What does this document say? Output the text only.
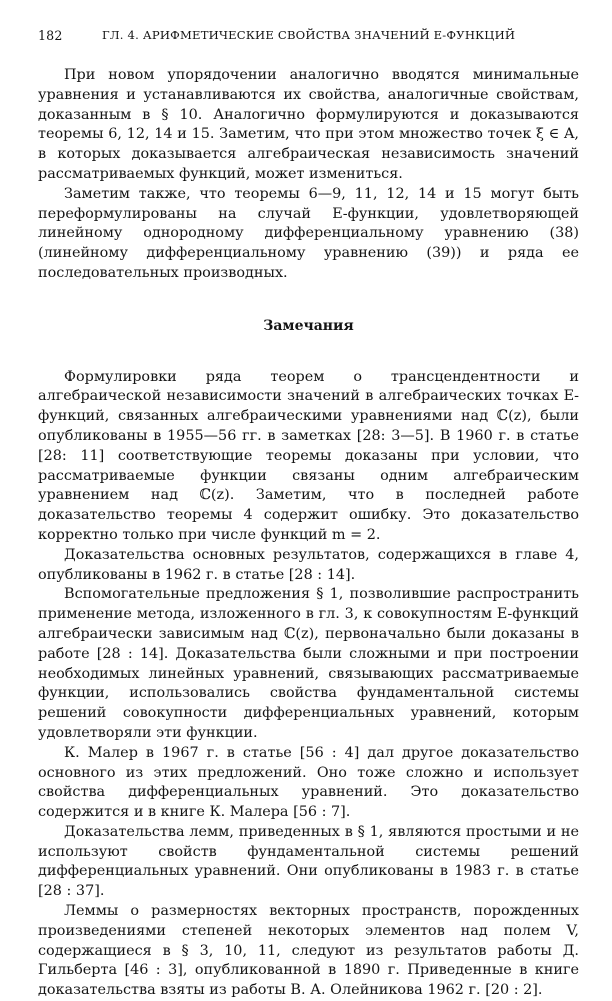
182	ГЛ. 4. АРИФМЕТИЧЕСКИЕ СВОЙСТВА ЗНАЧЕНИЙ Е-ФУНКЦИЙ

При новом упорядочении аналогично вводятся минимальные уравнения и устанавливаются их свойства, аналогичные свойствам, доказанным в § 10. Аналогично формулируются и доказываются теоремы 6, 12, 14 и 15. Заметим, что при этом множество точек ξ ∈ A, в которых доказывается алгебраическая независимость значений рассматриваемых функций, может измениться.

Заметим также, что теоремы 6—9, 11, 12, 14 и 15 могут быть переформулированы на случай Е-функции, удовлетворяющей линейному однородному дифференциальному уравнению (38) (линейному дифференциальному уравнению (39)) и ряда ее последовательных производных.

Замечания

Формулировки ряда теорем о трансцендентности и алгебраической независимости значений в алгебраических точках Е-функций, связанных алгебраическими уравнениями над ℂ(z), были опубликованы в 1955—56 гг. в заметках [28: 3—5]. В 1960 г. в статье [28: 11] соответствующие теоремы доказаны при условии, что рассматриваемые функции связаны одним алгебраическим уравнением над ℂ(z). Заметим, что в последней работе доказательство теоремы 4 содержит ошибку. Это доказательство корректно только при числе функций m = 2.

Доказательства основных результатов, содержащихся в главе 4, опубликованы в 1962 г. в статье [28 : 14].

Вспомогательные предложения § 1, позволившие распространить применение метода, изложенного в гл. 3, к совокупностям Е-функций алгебраически зависимым над ℂ(z), первоначально были доказаны в работе [28 : 14]. Доказательства были сложными и при построении необходимых линейных уравнений, связывающих рассматриваемые функции, использовались свойства фундаментальной системы решений совокупности дифференциальных уравнений, которым удовлетворяли эти функции.

К. Малер в 1967 г. в статье [56 : 4] дал другое доказательство основного из этих предложений. Оно тоже сложно и использует свойства дифференциальных уравнений. Это доказательство содержится и в книге К. Малера [56 : 7].

Доказательства лемм, приведенных в § 1, являются простыми и не используют свойств фундаментальной системы решений дифференциальных уравнений. Они опубликованы в 1983 г. в статье [28 : 37].

Леммы о размерностях векторных пространств, порожденных произведениями степеней некоторых элементов над полем V, содержащиеся в § 3, 10, 11, следуют из результатов работы Д. Гильберта [46 : 3], опубликованной в 1890 г. Приведенные в книге доказательства взяты из работы В. А. Олейникова 1962 г. [20 : 2].
